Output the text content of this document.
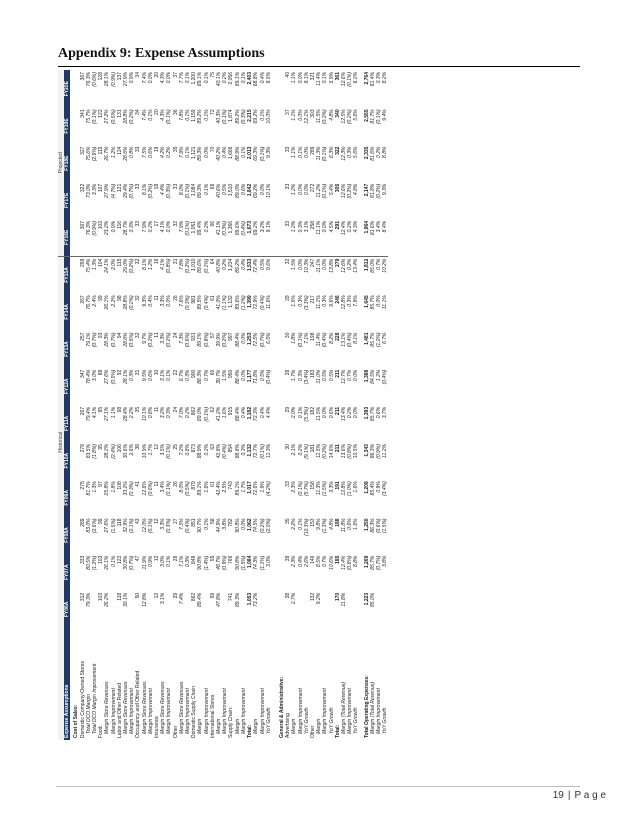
Appendix 9: Expense Assumptions
	Historical										Projected				
Expense Assumptions	FY06A	FY07A	FY08A	FY09A	FY10A	FY11A	FY12A	FY13A	FY14A	FY15A	FY16E	FY17E	FY18E	FY19E	FY20E
Cost of Sales:															
Domestic Company-Owned Stores	312	333	289	275	278	267	347	257	267	299	307	322	327	341	367
Total DCO Margin	79.3%	80.5%	83.0%	81.7%	83.5%	79.4%	78.4%	79.1%	76.7%	75.4%	76.3%	73.0%	75.6%	75.7%	76.3%
Total DCO Margin Improvement		(1.2%)	(2.6%)	1.3%	(1.8%)	4.1%	3.0%	(0.7%)	2.4%	1.3%	(0.9%)	3.3%	(2.6%)	(0.1%)	(0.6%)
Food:	103	103	99	97	95	95	88	93	99	104	103	107	115	122	128
Margin Store Revenues	26.2%	26.1%	27.6%	25.8%	28.2%	27.1%	27.6%	28.3%	26.1%	24.1%	23.2%	27.9%	26.7%	27.2%	28.1%
Margin Improvement		0.1%	(1.5%)	1.8%	(2.4%)	1.1%	(0.5%)	(0.7%)	2.2%	2.0%	0.9%	(4.7%)	1.2%	(0.5%)	(0.9%)
Labor and Other Related	118	122	118	108	106	98	92	94	98	115	116	121	124	131	137
Margin Store Revenues	30.1%	30.8%	32.9%	33.2%	30.6%	28.4%	28.1%	28.6%	28.8%	29.0%	28.7%	29.4%	28.6%	28.8%	27.9%
Margin Improvement		(0.7%)	(2.1%)	(0.3%)	2.6%	2.2%	0.3%	(0.5%)	(0.2%)	(0.2%)	0.3%	(0.7%)	0.8%	(0.2%)	0.9%
Occupancy and Other Related	50	47	43	41	38	35	31	32	32	32	33	33	33	34	34
Margin Store Revenues	12.8%	11.9%	12.0%	12.6%	10.9%	10.1%	9.5%	9.7%	9.3%	8.1%	7.9%	8.1%	7.5%	7.4%	7.4%
Margin Improvement		0.9%	(0.1%)	(0.6%)	1.7%	0.8%	0.6%	(0.2%)	0.4%	1.2%	0.2%	(0.2%)	0.6%	0.1%	0.0%
Insurance	12	12	12	11	12	11	10	11	11	16	17	18	19	20	20
Margin Store Revenues	3.1%	3.0%	3.3%	3.4%	3.5%	3.2%	3.1%	3.3%	3.3%	4.1%	4.1%	4.4%	4.2%	4.3%	4.3%
Margin Improvement		0.1%	(0.3%)	(0.1%)	(0.1%)	0.3%	0.1%	(0.2%)	0.0%	(0.8%)	0.0%	(0.3%)	0.2%	(0.1%)	0.0%
Other	29	28	27	26	25	24	22	24	26	31	32	33	35	36	37
Margin Store Revenues	7.4%	7.1%	7.5%	8.0%	7.2%	7.0%	6.7%	7.3%	7.6%	7.8%	7.9%	8.0%	7.9%	7.8%	7.7%
Margin Improvement		0.3%	(0.4%)	(0.5%)	0.8%	0.2%	0.3%	(0.6%)	(0.3%)	(0.2%)	(0.1%)	(0.1%)	0.1%	0.1%	0.1%
Domestic Supply Chain	862	848	851	879	873	862	900	931	981	1,010	1,051	1,084	1,121	1,159	1,200
Margin	89.4%	90.8%	90.7%	89.1%	88.9%	89.0%	88.3%	89.1%	89.5%	89.6%	89.4%	89.3%	89.3%	89.2%	89.1%
Margin Improvement		(1.4%)	0.1%	1.6%	0.2%	(0.1%)	0.7%	(0.8%)	(0.4%)	(0.1%)	0.2%	0.1%	0.0%	0.1%	0.1%
International Stores	59	55	58	61	63	62	60	57	61	64	66	68	70	72	75
Margin	47.8%	48.7%	44.9%	42.4%	42.8%	41.2%	39.7%	39.9%	41.0%	40.8%	41.1%	40.6%	40.2%	40.3%	40.1%
Margin Improvement		(0.9%)	3.8%	2.5%	(0.4%)	1.6%	1.5%	(0.2%)	(1.1%)	0.2%	(0.3%)	0.5%	0.4%	(0.1%)	0.2%
Supply Chain:	741	766	782	743	854	915	950	997	1,132	1,234	1,366	1,510	1,666	1,874	2,056
Margin	89.3%	90.8%	90.8%	89.1%	88.8%	88.4%	88.4%	88.4%	89.6%	89.2%	89.6%	89.0%	88.9%	89.2%	89.1%
Margin Improvement		(1.5%)	0.0%	1.7%	0.3%	0.4%	0.0%	0.0%	(1.2%)	0.4%	(0.4%)	0.6%	0.1%	(0.3%)	0.1%
Total:	1,053	1,084	1,062	1,017	1,132	1,182	1,177	1,253	1,399	1,533	1,673	1,842	2,013	2,215	2,403
Margin	73.2%	74.3%	74.5%	72.6%	72.7%	72.3%	71.8%	72.5%	72.9%	72.4%	69.2%	69.2%	69.3%	69.2%	68.8%
Margin Improvement		(1.1%)	(0.2%)	1.9%	(0.1%)	0.4%	0.5%	(0.7%)	(0.4%)	0.5%	3.2%	0.0%	(0.1%)	0.1%	0.4%
YoY Growth		3.0%	(2.0%)	(4.2%)	11.3%	4.4%	(0.4%)	6.5%	11.6%	9.6%	9.1%	10.1%	9.3%	10.0%	8.5%

General & Administrative:															
Advertising	38	39	35	33	30	29	28	30	29	32	33	33	33	37	40
Margin	2.7%	2.3%	2.2%	2.3%	2.1%	2.0%	1.7%	1.8%	1.5%	1.5%	1.2%	1.2%	1.1%	1.1%	1.1%
Margin Improvement		0.4%	0.1%	(0.1%)	0.2%	0.1%	0.3%	(0.1%)	0.3%	0.0%	0.3%	0.0%	0.1%	0.0%	0.0%
YoY Growth		2.6%	(10.3%)	(5.7%)	(9.1%)	(3.3%)	(3.4%)	7.1%	(3.3%)	10.3%	3.1%	0.0%	0.0%	12.1%	8.1%
Other	132	146	153	158	181	182	183	198	217	247	258	272	289	303	321
Margin	9.2%	8.5%	9.8%	11.3%	11.5%	11.5%	11.0%	11.4%	11.1%	11.1%	11.1%	11.2%	11.3%	11.5%	11.4%
Margin Improvement		0.7%	(1.3%)	(1.5%)	(0.2%)	0.0%	0.5%	(0.4%)	0.3%	0.0%	0.0%	(0.1%)	(0.1%)	(0.2%)	0.1%
YoY Growth		10.6%	4.8%	3.3%	14.6%	0.6%	0.5%	8.2%	9.6%	13.8%	4.5%	5.4%	6.3%	4.8%	5.9%
Total:	170	185	188	191	211	211	211	228	246	279	291	305	322	340	361
Margin (Total Revenue)	11.8%	12.4%	11.8%	12.8%	13.6%	13.4%	12.7%	13.1%	12.8%	12.6%	12.4%	12.6%	12.3%	12.5%	12.6%
Margin Improvement		(0.6%)	0.6%	(1.0%)	(0.8%)	0.2%	0.7%	(0.4%)	0.3%	0.2%	0.2%	(0.2%)	0.3%	(0.2%)	(0.1%)
YoY Growth		8.8%	1.6%	1.6%	10.5%	0.0%	0.0%	8.1%	7.9%	13.4%	4.3%	4.8%	5.6%	5.6%	6.2%

Total Operating Expenses:	1,223	1,269	1,250	1,208	1,343	1,393	1,388	1,481	1,645	1,812	1,964	2,147	2,335	2,555	2,764
Margin (Total Revenue)	85.0%	85.7%	86.3%	85.4%	86.3%	85.7%	84.5%	85.7%	85.7%	85.0%	81.6%	81.8%	81.6%	81.7%	81.4%
Margin Improvement		(0.7%)	(0.6%)	0.9%	(0.9%)	0.6%	1.2%	(1.2%)	0.0%	0.7%	3.4%	(0.2%)	0.2%	(0.1%)	0.3%
YoY Growth		3.8%	(1.5%)	(3.4%)	11.2%	3.7%	(0.4%)	6.7%	11.1%	10.2%	8.4%	9.3%	8.8%	9.4%	8.2%
19 | P a g e
